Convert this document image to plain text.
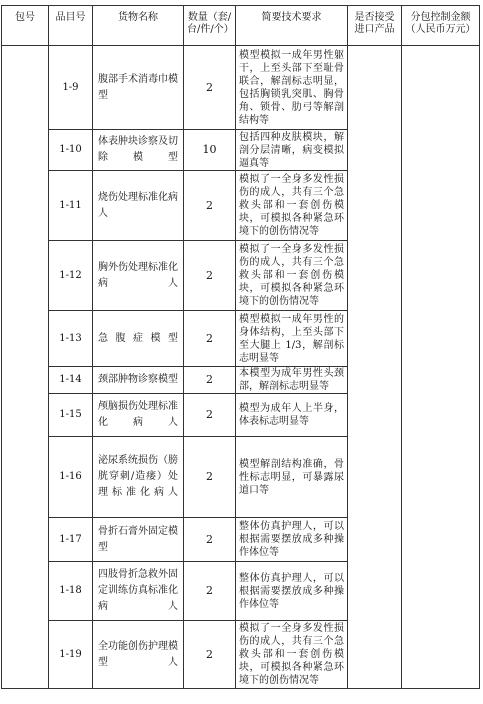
包号	品目号	货物名称	数量（套/台/件/个）	简要技术要求	是否接受进口产品	分包控制金额（人民币万元）
	1-9	腹部手术消毒巾模型	2	模型模拟一成年男性躯干，上至头部下至耻骨联合，解剖标志明显，包括胸锁乳突肌、胸骨角、锁骨、肋弓等解剖结构等		
	1-10	体表肿块诊察及切除模型	10	包括四种皮肤模块，解剖分层清晰，病变模拟逼真等		
	1-11	烧伤处理标准化病人	2	模拟了一全身多发性损伤的成人，共有三个急救头部和一套创伤模块，可模拟各种紧急环境下的创伤情况等		
	1-12	胸外伤处理标准化病人	2	模拟了一全身多发性损伤的成人，共有三个急救头部和一套创伤模块，可模拟各种紧急环境下的创伤情况等		
	1-13	急腹症模型	2	模型模拟一成年男性的身体结构，上至头部下至大腿上 1/3，解剖标志明显等		
	1-14	颈部肿物诊察模型	2	本模型为成年男性头颈部，解剖标志明显等		
	1-15	颅脑损伤处理标准化病人	2	模型为成年人上半身，体表标志明显等		
	1-16	泌尿系统损伤（膀胱穿刺/造瘘）处理标准化病人	2	模型解剖结构准确，骨性标志明显，可暴露尿道口等		
	1-17	骨折石膏外固定模型	2	整体仿真护理人，可以根据需要摆放成多种操作体位等		
	1-18	四肢骨折急救外固定训练仿真标准化病人	2	整体仿真护理人，可以根据需要摆放成多种操作体位等		
	1-19	全功能创伤护理模型人	2	模拟了一全身多发性损伤的成人，共有三个急救头部和一套创伤模块，可模拟各种紧急环境下的创伤情况等		
